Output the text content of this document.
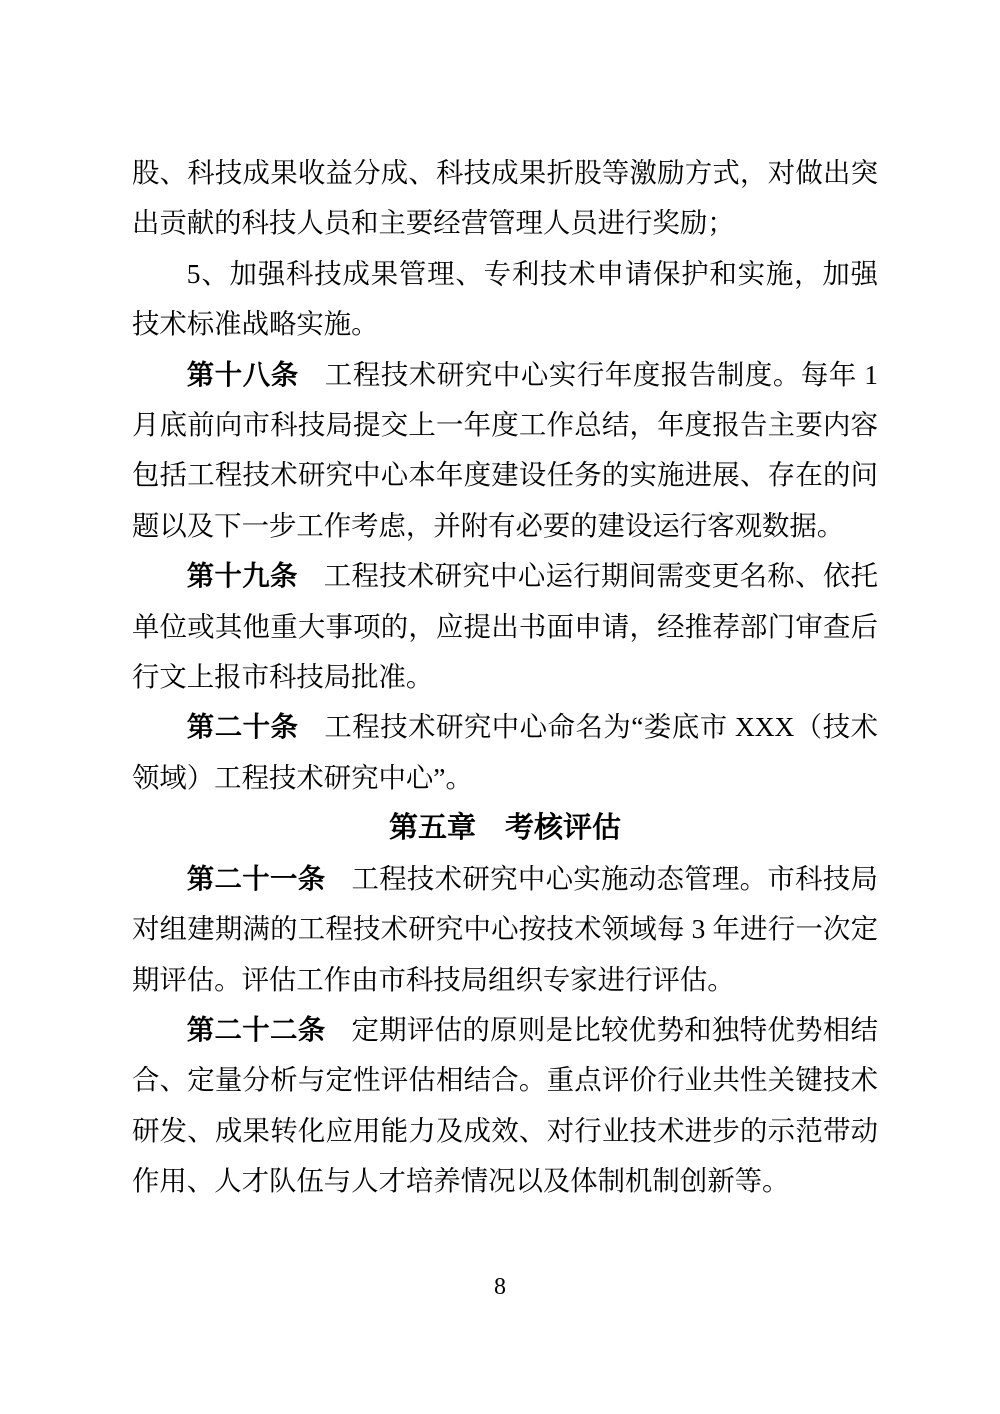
股、科技成果收益分成、科技成果折股等激励方式，对做出突出贡献的科技人员和主要经营管理人员进行奖励；

5、加强科技成果管理、专利技术申请保护和实施，加强技术标准战略实施。

第十八条 工程技术研究中心实行年度报告制度。每年 1 月底前向市科技局提交上一年度工作总结，年度报告主要内容包括工程技术研究中心本年度建设任务的实施进展、存在的问题以及下一步工作考虑，并附有必要的建设运行客观数据。

第十九条 工程技术研究中心运行期间需变更名称、依托单位或其他重大事项的，应提出书面申请，经推荐部门审查后行文上报市科技局批准。

第二十条 工程技术研究中心命名为“娄底市 XXX（技术领域）工程技术研究中心”。

第五章　考核评估

第二十一条 工程技术研究中心实施动态管理。市科技局对组建期满的工程技术研究中心按技术领域每 3 年进行一次定期评估。评估工作由市科技局组织专家进行评估。

第二十二条 定期评估的原则是比较优势和独特优势相结合、定量分析与定性评估相结合。重点评价行业共性关键技术研发、成果转化应用能力及成效、对行业技术进步的示范带动作用、人才队伍与人才培养情况以及体制机制创新等。

8
